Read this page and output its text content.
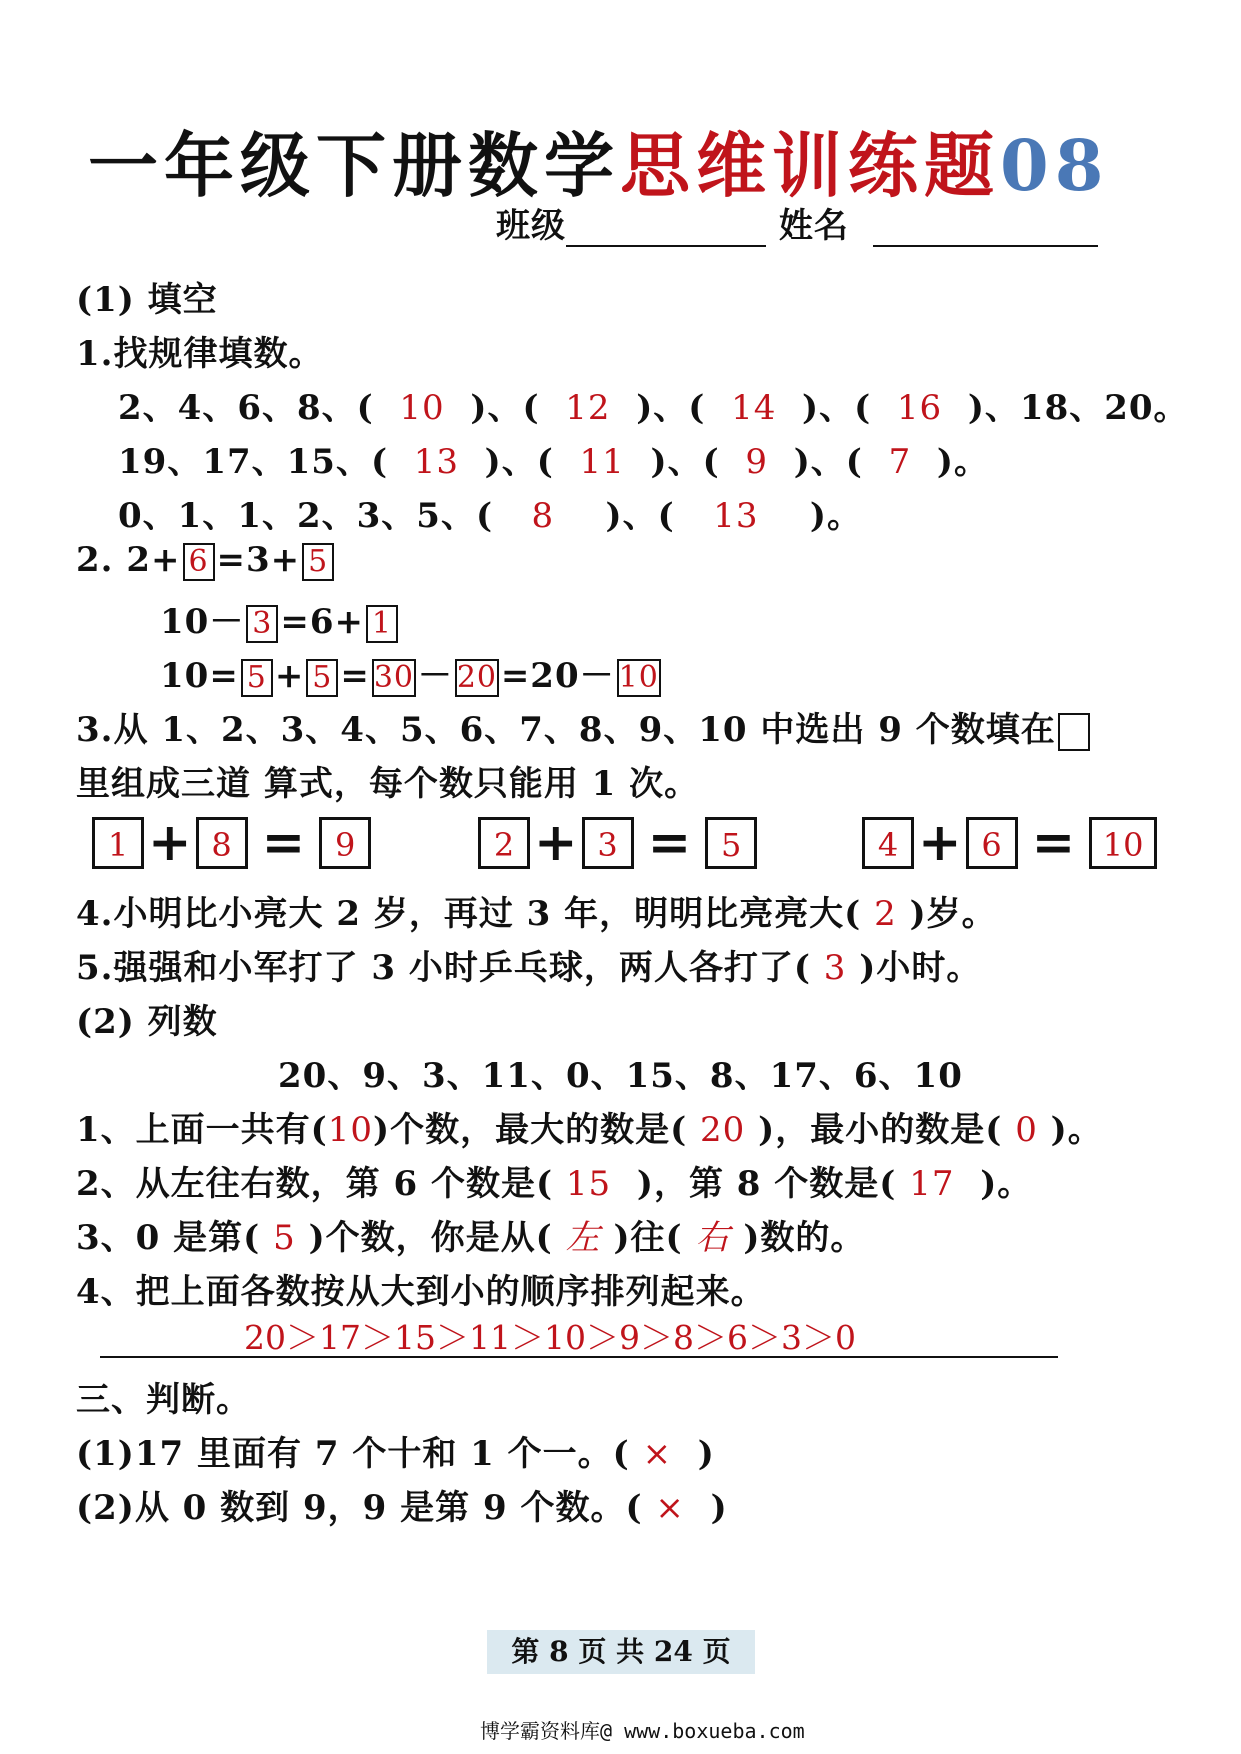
一年级下册数学思维训练题08
班级	姓名
(1) 填空
1.找规律填数。
2、4、6、8、( 10 )、( 12 )、( 14 )、( 16 )、18、20。
19、17、15、( 13 )、( 11 )、( 9 )、( 7 )。
0、1、1、2、3、5、( 8 )、( 13 )。
2. 2+ 6 =3+ 5
10－ 3 =6+ 1
10= 5 + 5 = 30 － 20 =20－ 10
3.从 1、2、3、4、5、6、7、8、9、10 中选出 9 个数填在
里组成三道 算式，每个数只能用 1 次。
1 + 8 = 9	2 + 3 = 5	4 + 6 = 10
4.小明比小亮大 2 岁，再过 3 年，明明比亮亮大( 2 )岁。
5.强强和小军打了 3 小时乒乓球，两人各打了( 3 )小时。
(2) 列数
20、9、3、11、0、15、8、17、6、10
1、上面一共有(10)个数，最大的数是( 20 )，最小的数是( 0 )。
2、从左往右数，第 6 个数是( 15 )，第 8 个数是( 17 )。
3、0 是第( 5 )个数，你是从( 左 )往( 右 )数的。
4、把上面各数按从大到小的顺序排列起来。
20＞17＞15＞11＞10＞9＞8＞6＞3＞0
三、判断。
(1)17 里面有 7 个十和 1 个一。( × )
(2)从 0 数到 9，9 是第 9 个数。( × )
第 8 页 共 24 页
博学霸资料库@ www.boxueba.com
